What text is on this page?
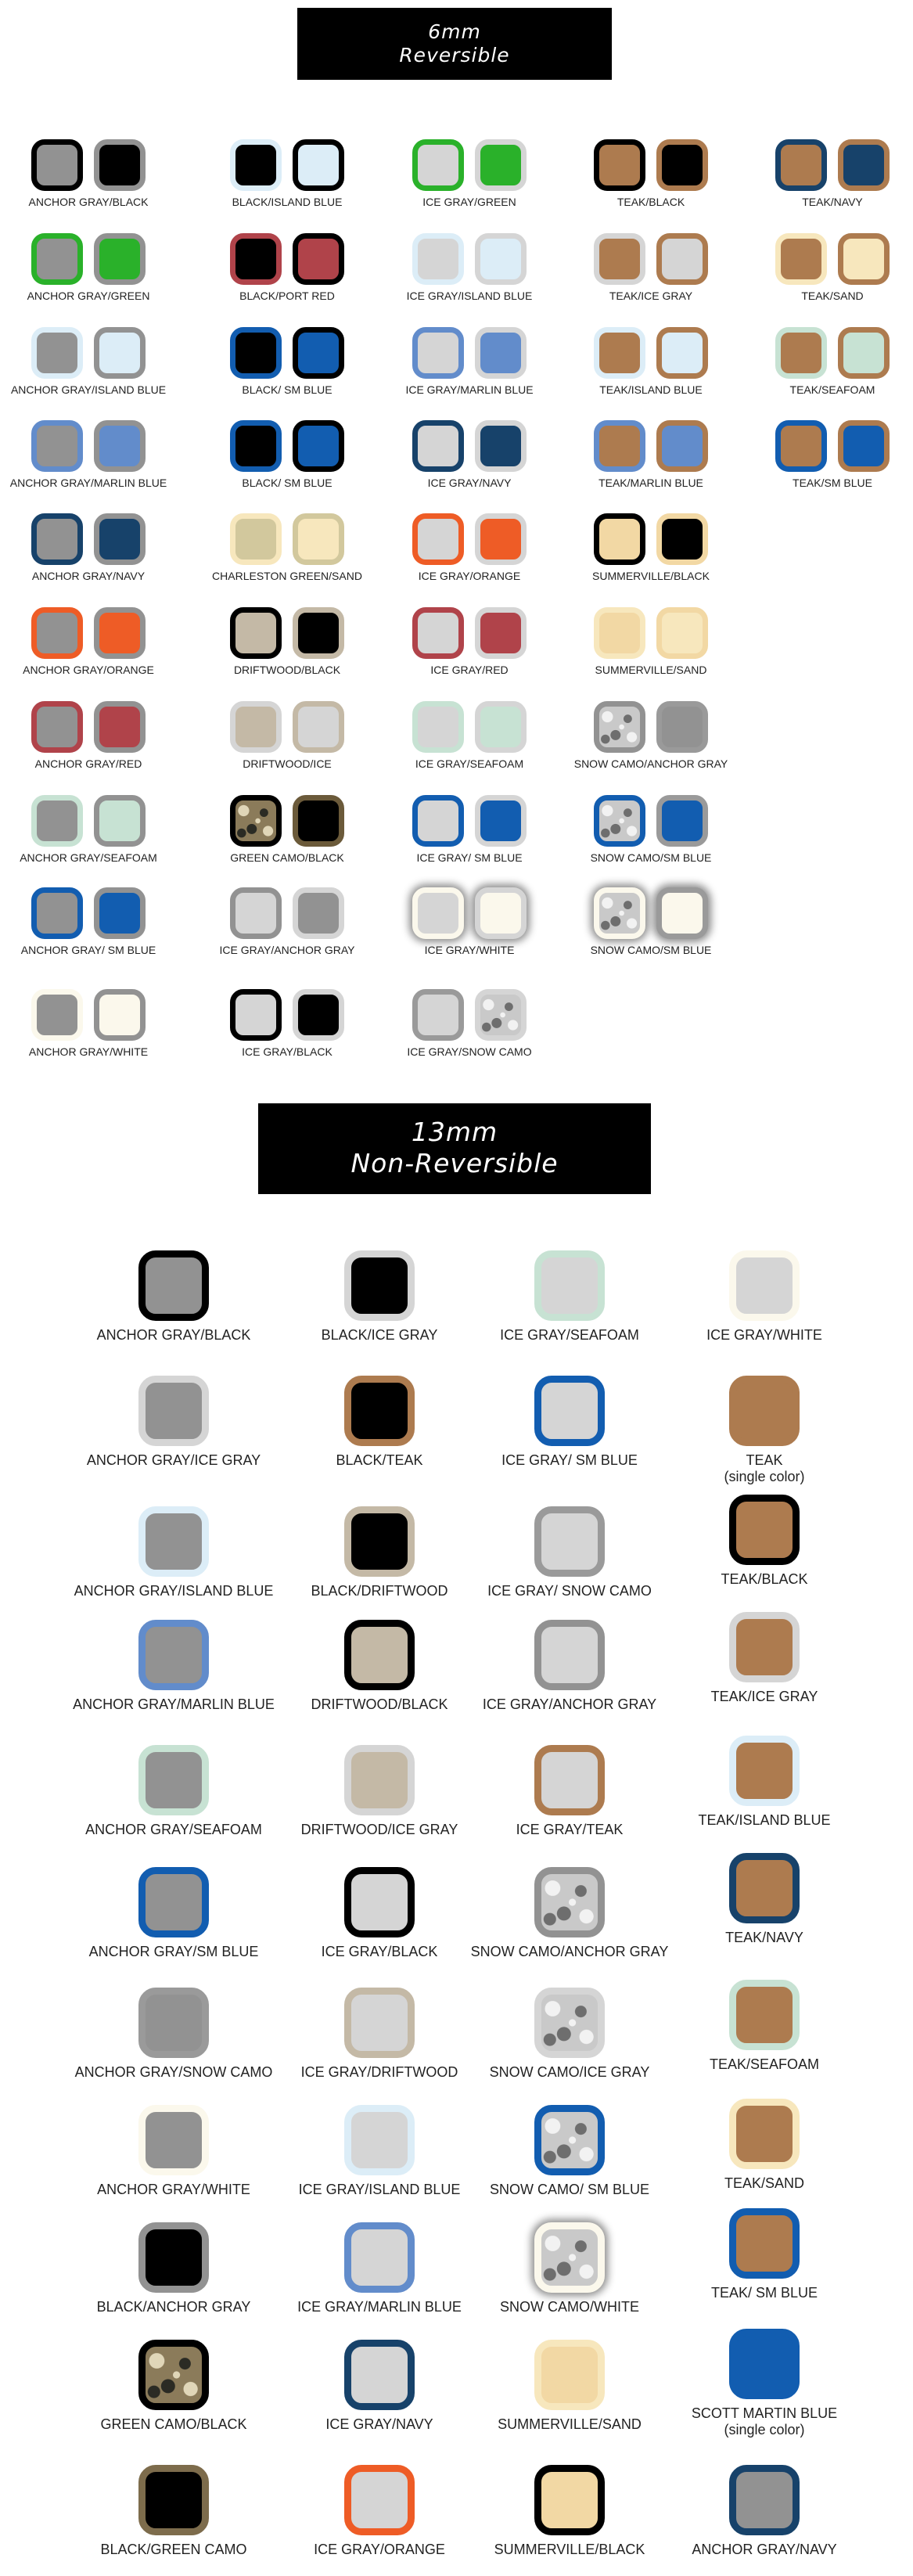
6mm
Reversible
ANCHOR GRAY/BLACK
ANCHOR GRAY/GREEN
ANCHOR GRAY/ISLAND BLUE
ANCHOR GRAY/MARLIN BLUE
ANCHOR GRAY/NAVY
ANCHOR GRAY/ORANGE
ANCHOR GRAY/RED
ANCHOR GRAY/SEAFOAM
ANCHOR GRAY/ SM BLUE
ANCHOR GRAY/WHITE
BLACK/ISLAND BLUE
BLACK/PORT RED
BLACK/ SM BLUE
BLACK/ SM BLUE
CHARLESTON GREEN/SAND
DRIFTWOOD/BLACK
DRIFTWOOD/ICE
GREEN CAMO/BLACK
ICE GRAY/ANCHOR GRAY
ICE GRAY/BLACK
ICE GRAY/GREEN
ICE GRAY/ISLAND BLUE
ICE GRAY/MARLIN BLUE
ICE GRAY/NAVY
ICE GRAY/ORANGE
ICE GRAY/RED
ICE GRAY/SEAFOAM
ICE GRAY/ SM BLUE
ICE GRAY/WHITE
ICE GRAY/SNOW CAMO
TEAK/BLACK
TEAK/ICE GRAY
TEAK/ISLAND BLUE
TEAK/MARLIN BLUE
SUMMERVILLE/BLACK
SUMMERVILLE/SAND
SNOW CAMO/ANCHOR GRAY
SNOW CAMO/SM BLUE
SNOW CAMO/SM BLUE
TEAK/NAVY
TEAK/SAND
TEAK/SEAFOAM
TEAK/SM BLUE
13mm
Non-Reversible
ANCHOR GRAY/BLACK
ANCHOR GRAY/ICE GRAY
ANCHOR GRAY/ISLAND BLUE
ANCHOR GRAY/MARLIN BLUE
ANCHOR GRAY/SEAFOAM
ANCHOR GRAY/SM BLUE
ANCHOR GRAY/SNOW CAMO
ANCHOR GRAY/WHITE
BLACK/ANCHOR GRAY
GREEN CAMO/BLACK
BLACK/GREEN CAMO
BLACK/ICE GRAY
BLACK/TEAK
BLACK/DRIFTWOOD
DRIFTWOOD/BLACK
DRIFTWOOD/ICE GRAY
ICE GRAY/BLACK
ICE GRAY/DRIFTWOOD
ICE GRAY/ISLAND BLUE
ICE GRAY/MARLIN BLUE
ICE GRAY/NAVY
ICE GRAY/ORANGE
ICE GRAY/SEAFOAM
ICE GRAY/ SM BLUE
ICE GRAY/ SNOW CAMO
ICE GRAY/ANCHOR GRAY
ICE GRAY/TEAK
SNOW CAMO/ANCHOR GRAY
SNOW CAMO/ICE GRAY
SNOW CAMO/ SM BLUE
SNOW CAMO/WHITE
SUMMERVILLE/SAND
SUMMERVILLE/BLACK
ICE GRAY/WHITE
TEAK
(single color)
TEAK/BLACK
TEAK/ICE GRAY
TEAK/ISLAND BLUE
TEAK/NAVY
TEAK/SEAFOAM
TEAK/SAND
TEAK/ SM BLUE
SCOTT MARTIN BLUE
(single color)
ANCHOR GRAY/NAVY
